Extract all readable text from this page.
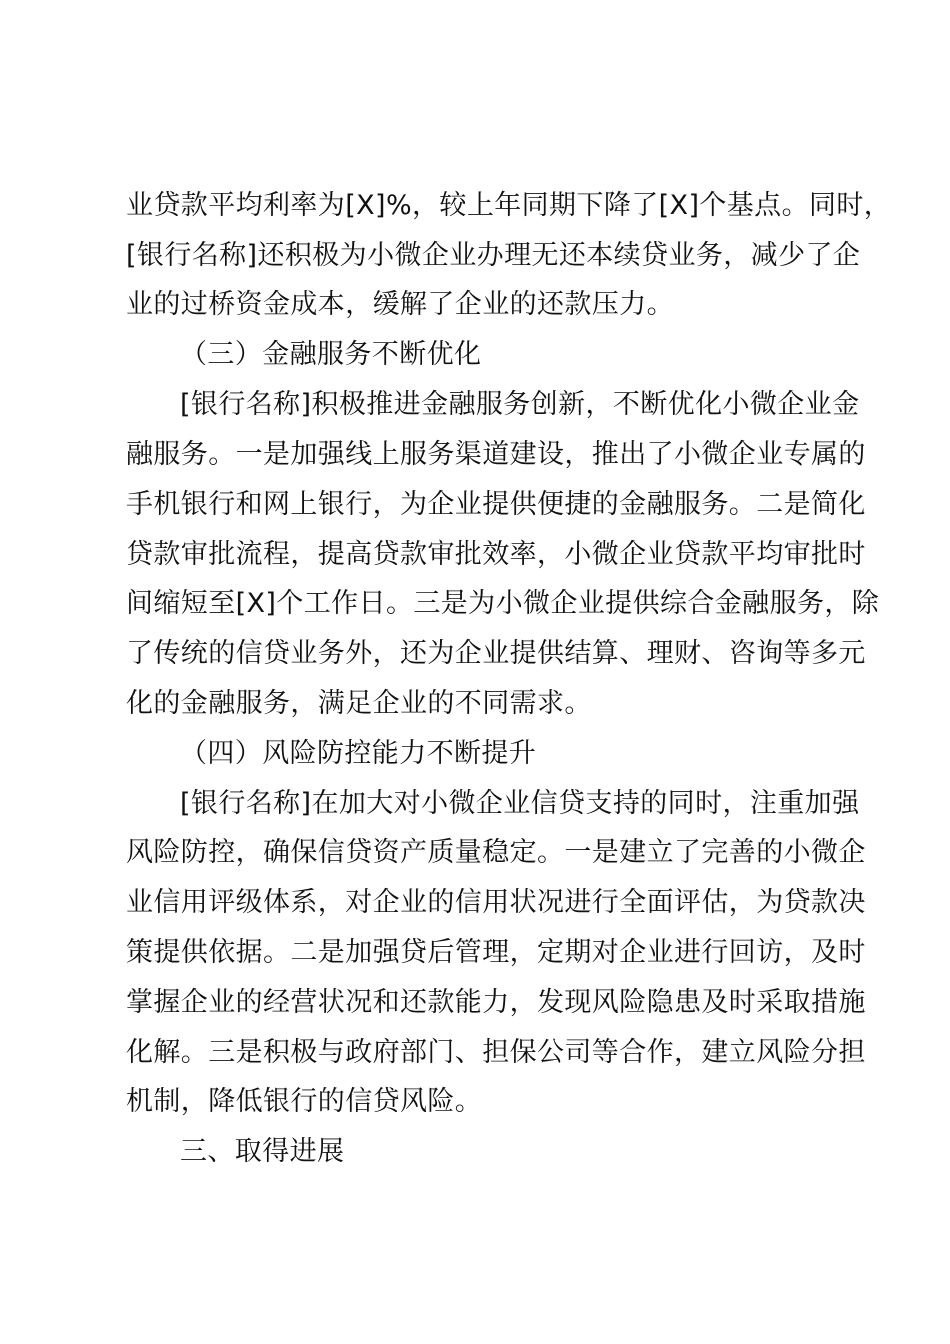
业贷款平均利率为[X]%，较上年同期下降了[X]个基点。同时，
[银行名称]还积极为小微企业办理无还本续贷业务，减少了企
业的过桥资金成本，缓解了企业的还款压力。
（三）金融服务不断优化
[银行名称]积极推进金融服务创新，不断优化小微企业金
融服务。一是加强线上服务渠道建设，推出了小微企业专属的
手机银行和网上银行，为企业提供便捷的金融服务。二是简化
贷款审批流程，提高贷款审批效率，小微企业贷款平均审批时
间缩短至[X]个工作日。三是为小微企业提供综合金融服务，除
了传统的信贷业务外，还为企业提供结算、理财、咨询等多元
化的金融服务，满足企业的不同需求。
（四）风险防控能力不断提升
[银行名称]在加大对小微企业信贷支持的同时，注重加强
风险防控，确保信贷资产质量稳定。一是建立了完善的小微企
业信用评级体系，对企业的信用状况进行全面评估，为贷款决
策提供依据。二是加强贷后管理，定期对企业进行回访，及时
掌握企业的经营状况和还款能力，发现风险隐患及时采取措施
化解。三是积极与政府部门、担保公司等合作，建立风险分担
机制，降低银行的信贷风险。
三、取得进展
